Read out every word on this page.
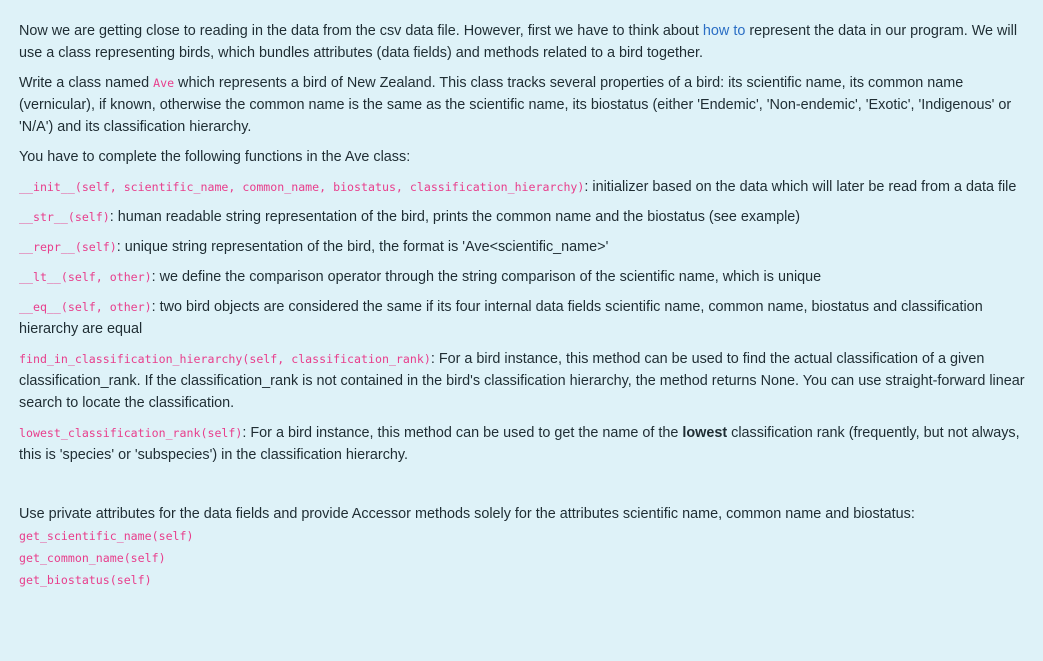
Now we are getting close to reading in the data from the csv data file. However, first we have to think about how to represent the data in our program. We will use a class representing birds, which bundles attributes (data fields) and methods related to a bird together.

Write a class named Ave which represents a bird of New Zealand. This class tracks several properties of a bird: its scientific name, its common name (vernicular), if known, otherwise the common name is the same as the scientific name, its biostatus (either 'Endemic', 'Non-endemic', 'Exotic', 'Indigenous' or 'N/A') and its classification hierarchy.

You have to complete the following functions in the Ave class:

__init__(self, scientific_name, common_name, biostatus, classification_hierarchy): initializer based on the data which will later be read from a data file

__str__(self): human readable string representation of the bird, prints the common name and the biostatus (see example)

__repr__(self): unique string representation of the bird, the format is 'Ave<scientific_name>'

__lt__(self, other): we define the comparison operator through the string comparison of the scientific name, which is unique

__eq__(self, other): two bird objects are considered the same if its four internal data fields scientific name, common name, biostatus and classification hierarchy are equal

find_in_classification_hierarchy(self, classification_rank): For a bird instance, this method can be used to find the actual classification of a given classification_rank. If the classification_rank is not contained in the bird's classification hierarchy, the method returns None. You can use straight-forward linear search to locate the classification.

lowest_classification_rank(self): For a bird instance, this method can be used to get the name of the lowest classification rank (frequently, but not always, this is 'species' or 'subspecies') in the classification hierarchy.

Use private attributes for the data fields and provide Accessor methods solely for the attributes scientific name, common name and biostatus:

get_scientific_name(self)

get_common_name(self)

get_biostatus(self)
